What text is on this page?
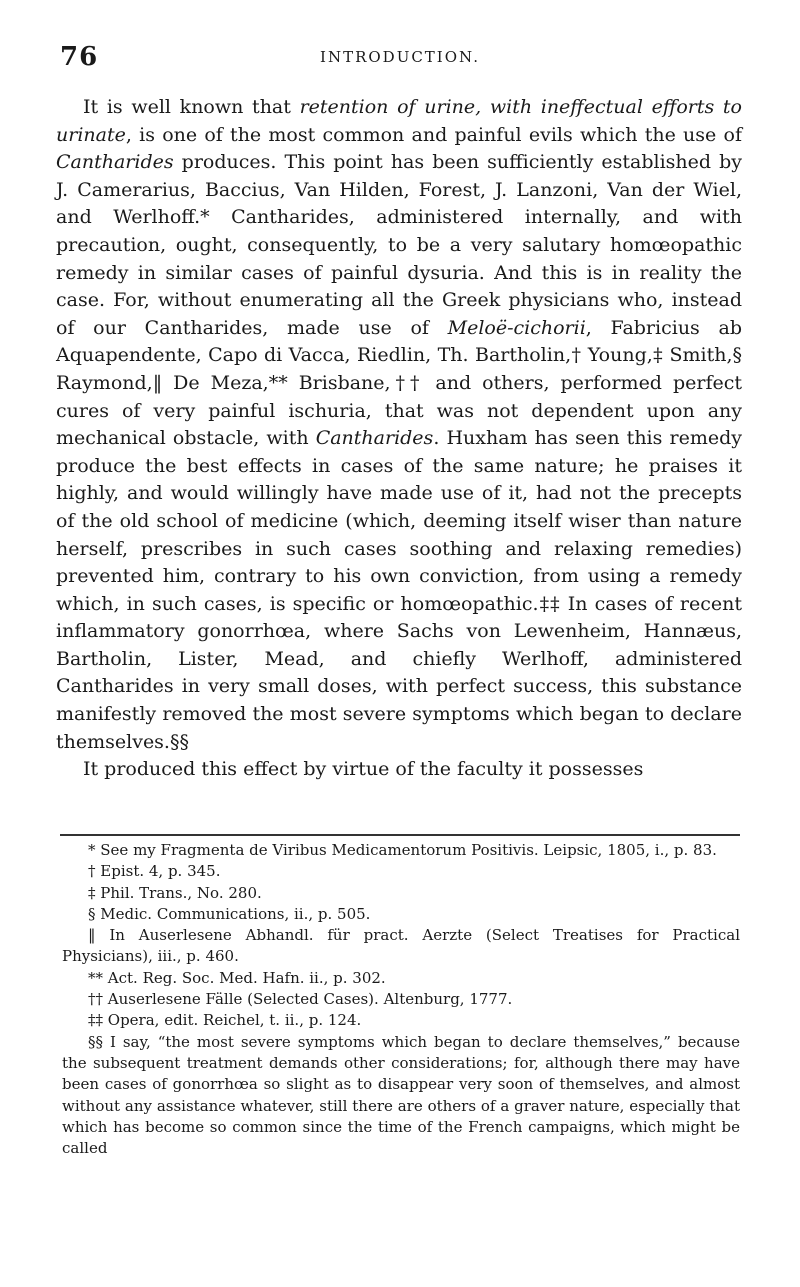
76	INTRODUCTION.

It is well known that retention of urine, with ineffectual efforts to urinate, is one of the most common and painful evils which the use of Cantharides produces. This point has been sufficiently established by J. Camerarius, Baccius, Van Hilden, Forest, J. Lanzoni, Van der Wiel, and Werlhoff.* Cantharides, administered internally, and with precaution, ought, consequently, to be a very salutary homœopathic remedy in similar cases of painful dysuria. And this is in reality the case. For, without enumerating all the Greek physicians who, instead of our Cantharides, made use of Meloë-cichorii, Fabricius ab Aquapendente, Capo di Vacca, Riedlin, Th. Bartholin,† Young,‡ Smith,§ Raymond,‖ De Meza,** Brisbane,†† and others, performed perfect cures of very painful ischuria, that was not dependent upon any mechanical obstacle, with Cantharides. Huxham has seen this remedy produce the best effects in cases of the same nature; he praises it highly, and would willingly have made use of it, had not the precepts of the old school of medicine (which, deeming itself wiser than nature herself, prescribes in such cases soothing and relaxing remedies) prevented him, contrary to his own conviction, from using a remedy which, in such cases, is specific or homœopathic.‡‡ In cases of recent inflammatory gonorrhœa, where Sachs von Lewenheim, Hannæus, Bartholin, Lister, Mead, and chiefly Werlhoff, administered Cantharides in very small doses, with perfect success, this substance manifestly removed the most severe symptoms which began to declare themselves.§§

It produced this effect by virtue of the faculty it possesses

* See my Fragmenta de Viribus Medicamentorum Positivis. Leipsic, 1805, i., p. 83.

† Epist. 4, p. 345.

‡ Phil. Trans., No. 280.

§ Medic. Communications, ii., p. 505.

‖ In Auserlesene Abhandl. für pract. Aerzte (Select Treatises for Practical Physicians), iii., p. 460.

** Act. Reg. Soc. Med. Hafn. ii., p. 302.

†† Auserlesene Fälle (Selected Cases). Altenburg, 1777.

‡‡ Opera, edit. Reichel, t. ii., p. 124.

§§ I say, “the most severe symptoms which began to declare themselves,” because the subsequent treatment demands other considerations; for, although there may have been cases of gonorrhœa so slight as to disappear very soon of themselves, and almost without any assistance whatever, still there are others of a graver nature, especially that which has become so common since the time of the French campaigns, which might be called
